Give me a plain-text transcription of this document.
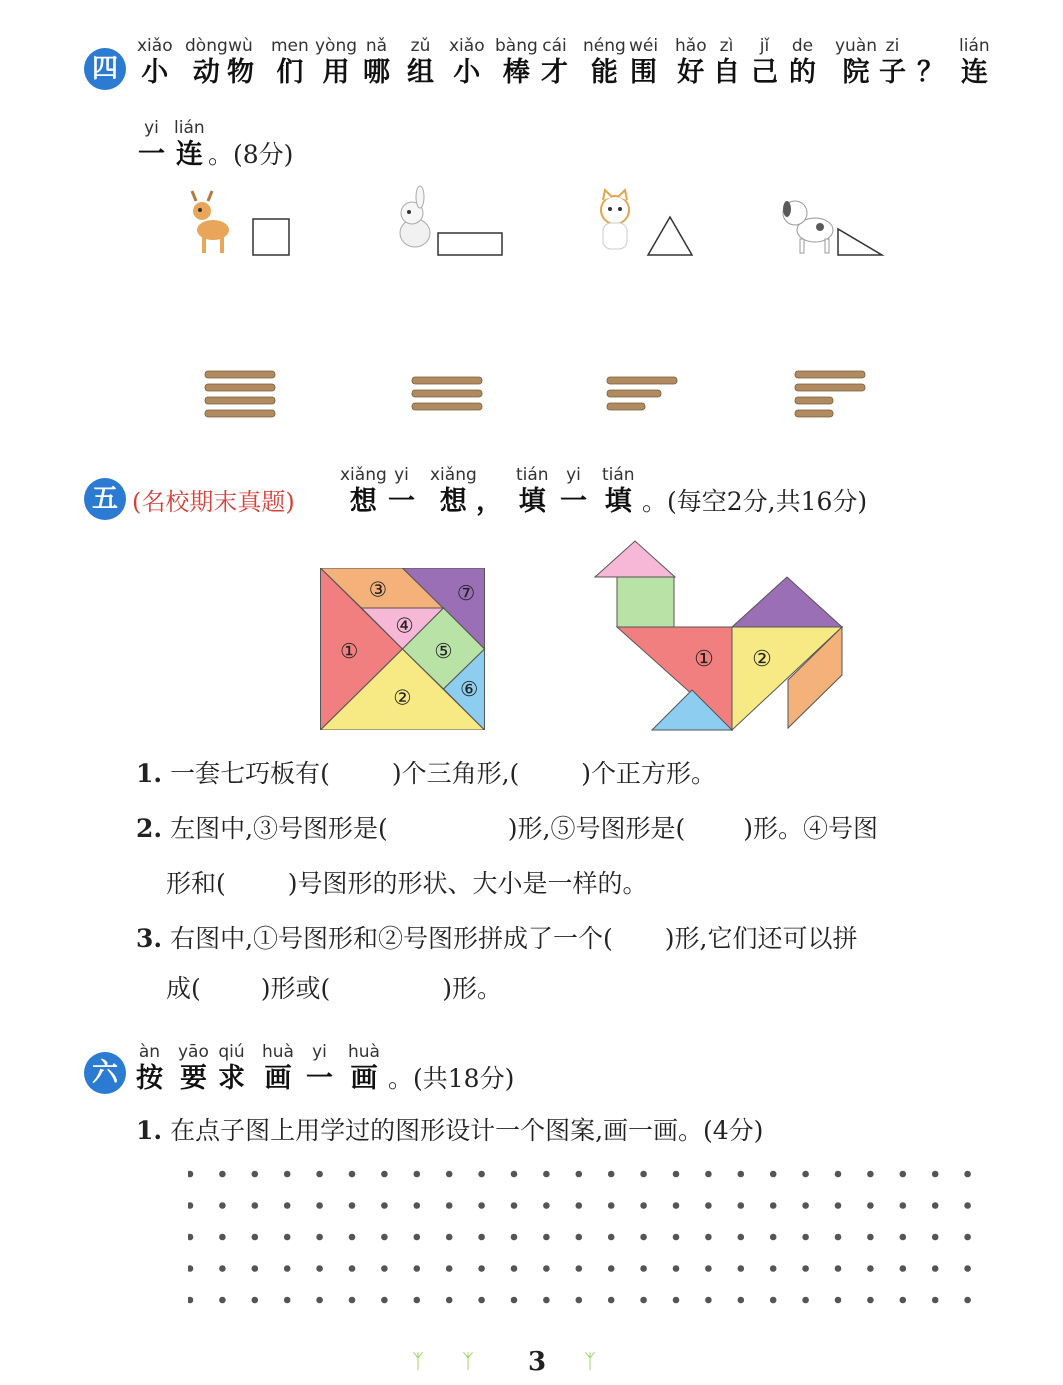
四
xiǎo
小
dòng
动
wù
物
men
们
yòng
用
nǎ
哪
zǔ
组
xiǎo
小
bàng
棒
cái
才
néng
能
wéi
围
hǎo
好
zì
自
jǐ
己
de
的
yuàn
院
zi
子
？
lián
连
yi
一
lián
连 。(8分)
五 (名校期末真题)
xiǎng
想
yi
一
xiǎng
想
，
tián
填
yi
一
tián
填 。(每空2分,共16分)
①
②
③
④
⑤
⑥
⑦
① ②
1. 一套七巧板有( )个三角形,( )个正方形。
2. 左图中,③号图形是(	)形,⑤号图形是( )形。④号图
形和( )号图形的形状、大小是一样的。
3. 右图中,①号图形和②号图形拼成了一个( )形,它们还可以拼
成( )形或(	)形。
六
àn
按
yāo
要
qiú
求
huà
画
yi
一
huà
画 。(共18分)
1. 在点子图上用学过的图形设计一个图案,画一画。(4分)
ᛉ ᛉ 3 ᛉ
